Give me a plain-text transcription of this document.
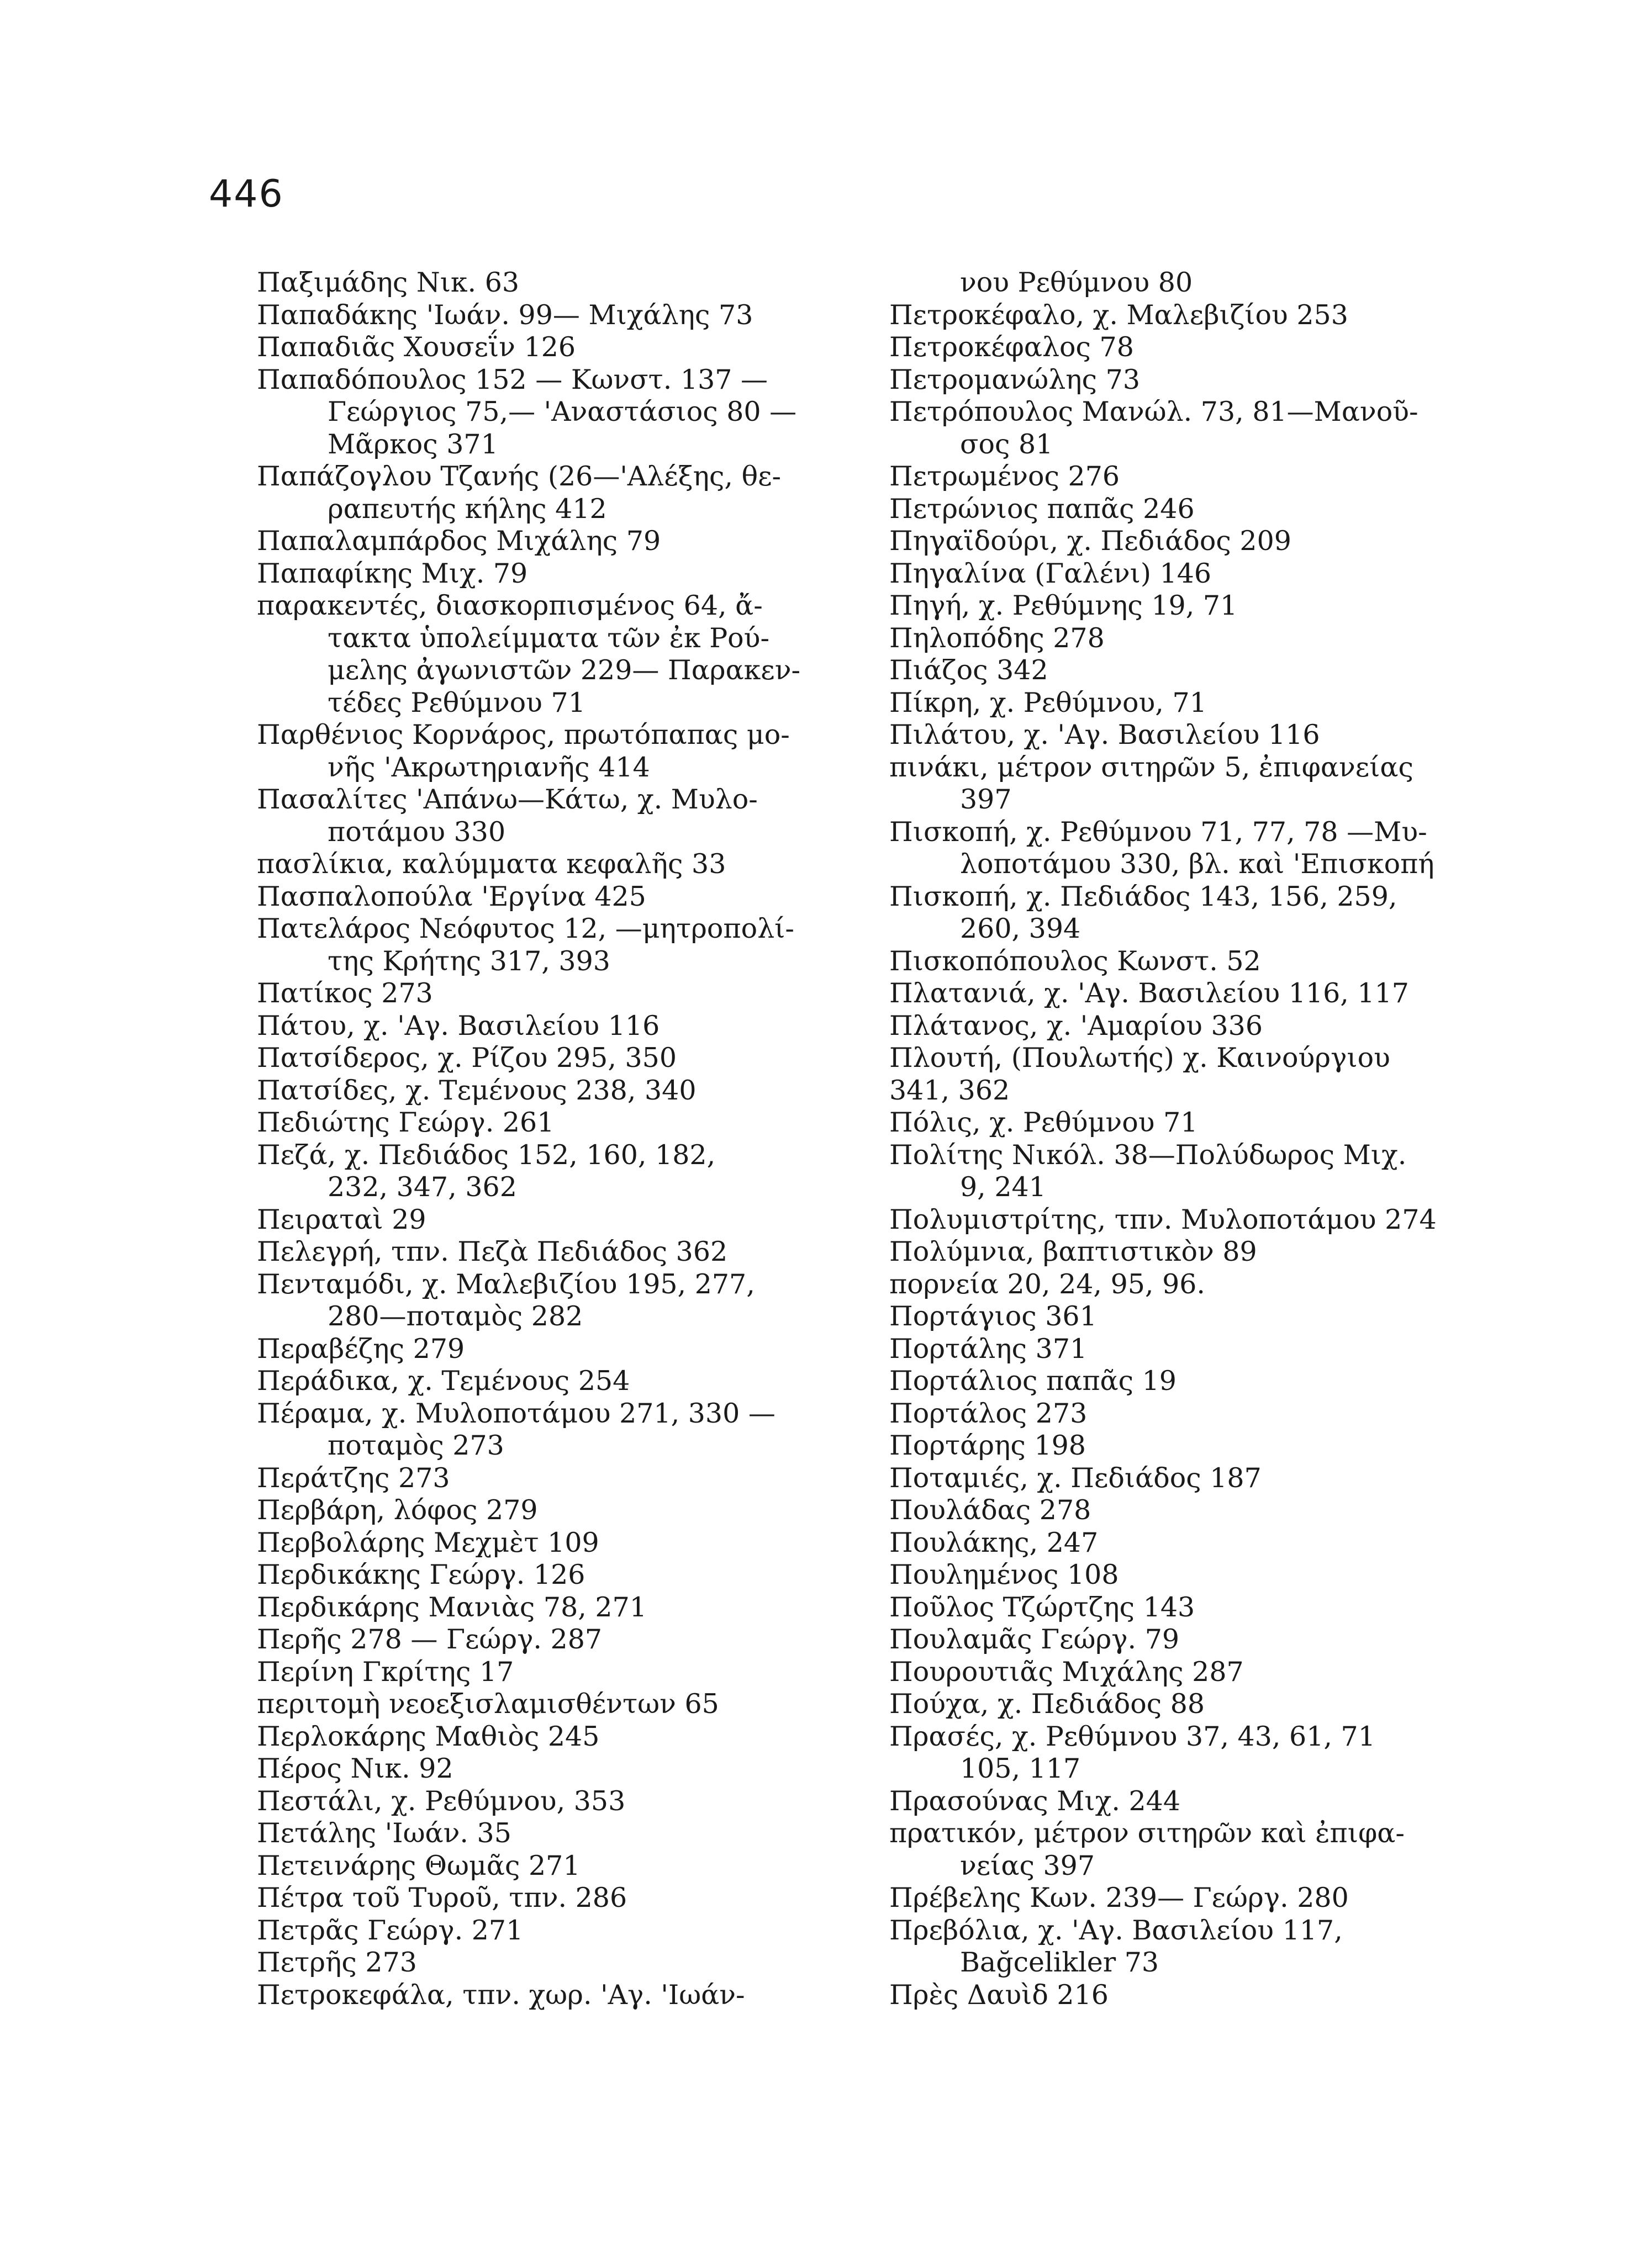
446
Παξιμάδης Νικ. 63
Παπαδάκης 'Ιωάν. 99— Μιχάλης 73
Παπαδιᾶς Χουσεΐν 126
Παπαδόπουλος 152 — Κωνστ. 137 —
Γεώργιος 75,— 'Αναστάσιος 80 —
Μᾶρκος 371
Παπάζογλου Τζανής (26—'Αλέξης, θε-
ραπευτής κήλης 412
Παπαλαμπάρδος Μιχάλης 79
Παπαφίκης Μιχ. 79
παρακεντές, διασκορπισμένος 64, ἄ-
τακτα ὑπολείμματα τῶν ἐκ Ρού-
μελης ἀγωνιστῶν 229— Παρακεν-
τέδες Ρεθύμνου 71
Παρθένιος Κορνάρος, πρωτόπαπας μο-
νῆς 'Ακρωτηριανῆς 414
Πασαλίτες 'Απάνω—Κάτω, χ. Μυλο-
ποτάμου 330
πασλίκια, καλύμματα κεφαλῆς 33
Πασπαλοπούλα 'Εργίνα 425
Πατελάρος Νεόφυτος 12, —μητροπολί-
της Κρήτης 317, 393
Πατίκος 273
Πάτου, χ. 'Αγ. Βασιλείου 116
Πατσίδερος, χ. Ρίζου 295, 350
Πατσίδες, χ. Τεμένους 238, 340
Πεδιώτης Γεώργ. 261
Πεζά, χ. Πεδιάδος 152, 160, 182,
232, 347, 362
Πειραταὶ 29
Πελεγρή, τπν. Πεζὰ Πεδιάδος 362
Πενταμόδι, χ. Μαλεβιζίου 195, 277,
280—ποταμὸς 282
Περαβέζης 279
Περάδικα, χ. Τεμένους 254
Πέραμα, χ. Μυλοποτάμου 271, 330 —
ποταμὸς 273
Περάτζης 273
Περβάρη, λόφος 279
Περβολάρης Μεχμὲτ 109
Περδικάκης Γεώργ. 126
Περδικάρης Μανιὰς 78, 271
Περῆς 278 — Γεώργ. 287
Περίνη Γκρίτης 17
περιτομὴ νεοεξισλαμισθέντων 65
Περλοκάρης Μαθιὸς 245
Πέρος Νικ. 92
Πεστάλι, χ. Ρεθύμνου, 353
Πετάλης 'Ιωάν. 35
Πετεινάρης Θωμᾶς 271
Πέτρα τοῦ Τυροῦ, τπν. 286
Πετρᾶς Γεώργ. 271
Πετρῆς 273
Πετροκεφάλα, τπν. χωρ. 'Αγ. 'Ιωάν-
νου Ρεθύμνου 80
Πετροκέφαλο, χ. Μαλεβιζίου 253
Πετροκέφαλος 78
Πετρομανώλης 73
Πετρόπουλος Μανώλ. 73, 81—Μανοῦ-
σος 81
Πετρωμένος 276
Πετρώνιος παπᾶς 246
Πηγαϊδούρι, χ. Πεδιάδος 209
Πηγαλίνα (Γαλένι) 146
Πηγή, χ. Ρεθύμνης 19, 71
Πηλοπόδης 278
Πιάζος 342
Πίκρη, χ. Ρεθύμνου, 71
Πιλάτου, χ. 'Αγ. Βασιλείου 116
πινάκι, μέτρον σιτηρῶν 5, ἐπιφανείας
397
Πισκοπή, χ. Ρεθύμνου 71, 77, 78 —Μυ-
λοποτάμου 330, βλ. καὶ 'Επισκοπή
Πισκοπή, χ. Πεδιάδος 143, 156, 259,
260, 394
Πισκοπόπουλος Κωνστ. 52
Πλατανιά, χ. 'Αγ. Βασιλείου 116, 117
Πλάτανος, χ. 'Αμαρίου 336
Πλουτή, (Πουλωτής) χ. Καινούργιου
341, 362
Πόλις, χ. Ρεθύμνου 71
Πολίτης Νικόλ. 38—Πολύδωρος Μιχ.
9, 241
Πολυμιστρίτης, τπν. Μυλοποτάμου 274
Πολύμνια, βαπτιστικὸν 89
πορνεία 20, 24, 95, 96.
Πορτάγιος 361
Πορτάλης 371
Πορτάλιος παπᾶς 19
Πορτάλος 273
Πορτάρης 198
Ποταμιές, χ. Πεδιάδος 187
Πουλάδας 278
Πουλάκης, 247
Πουλημένος 108
Ποῦλος Τζώρτζης 143
Πουλαμᾶς Γεώργ. 79
Πουρουτιᾶς Μιχάλης 287
Πούχα, χ. Πεδιάδος 88
Πρασές, χ. Ρεθύμνου 37, 43, 61, 71
105, 117
Πρασούνας Μιχ. 244
πρατικόν, μέτρον σιτηρῶν καὶ ἐπιφα-
νείας 397
Πρέβελης Κων. 239— Γεώργ. 280
Πρεβόλια, χ. 'Αγ. Βασιλείου 117,
Bağcelikler 73
Πρὲς Δαυὶδ 216
